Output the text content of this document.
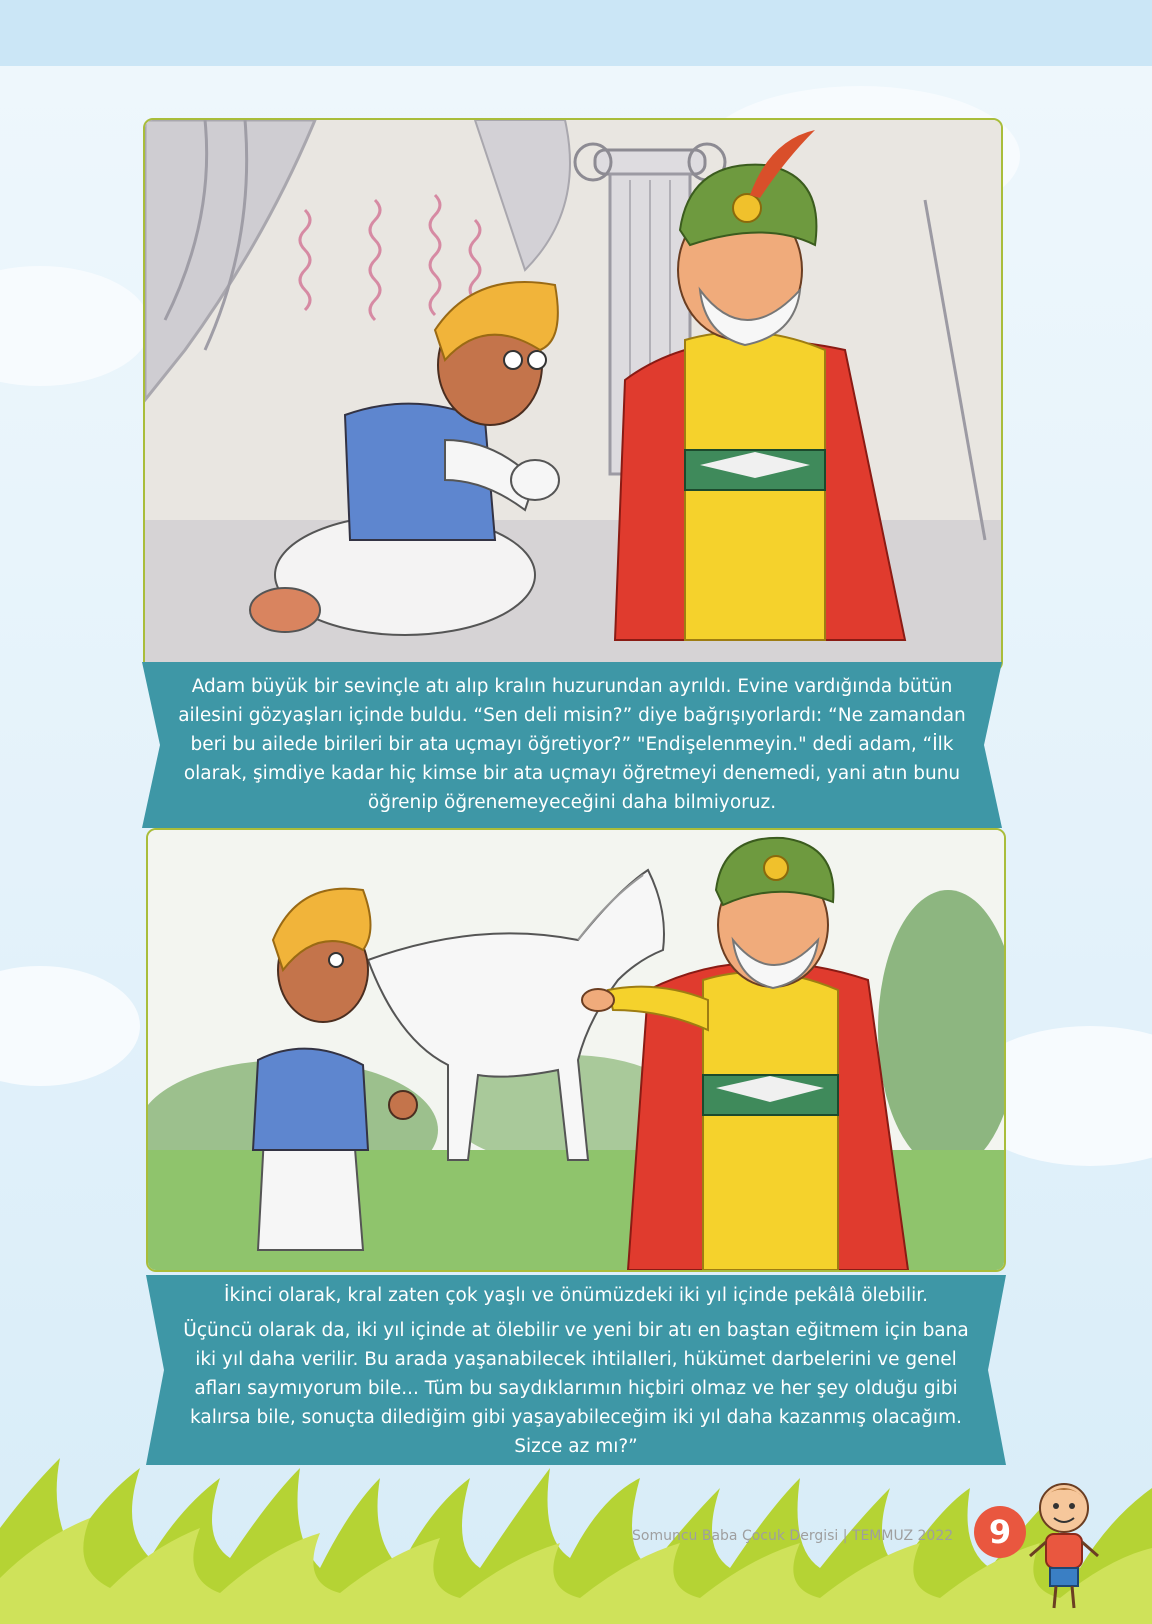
Adam büyük bir sevinçle atı alıp kralın huzurundan ayrıldı. Evine vardığında bütün

ailesini gözyaşları içinde buldu. “Sen deli misin?” diye bağrışıyorlardı: “Ne zamandan

beri bu ailede birileri bir ata uçmayı öğretiyor?” "Endişelenmeyin." dedi adam, “İlk

olarak, şimdiye kadar hiç kimse bir ata uçmayı öğretmeyi denemedi, yani atın bunu

öğrenip öğrenemeyeceğini daha bilmiyoruz.

İkinci olarak, kral zaten çok yaşlı ve önümüzdeki iki yıl içinde pekâlâ ölebilir.

Üçüncü olarak da, iki yıl içinde at ölebilir ve yeni bir atı en baştan eğitmem için bana

iki yıl daha verilir. Bu arada yaşanabilecek ihtilalleri, hükümet darbelerini ve genel

afları saymıyorum bile... Tüm bu saydıklarımın hiçbiri olmaz ve her şey olduğu gibi

kalırsa bile, sonuçta dilediğim gibi yaşayabileceğim iki yıl daha kazanmış olacağım.

Sizce az mı?”

Somuncu Baba Çocuk Dergisi | TEMMUZ 2022	9
